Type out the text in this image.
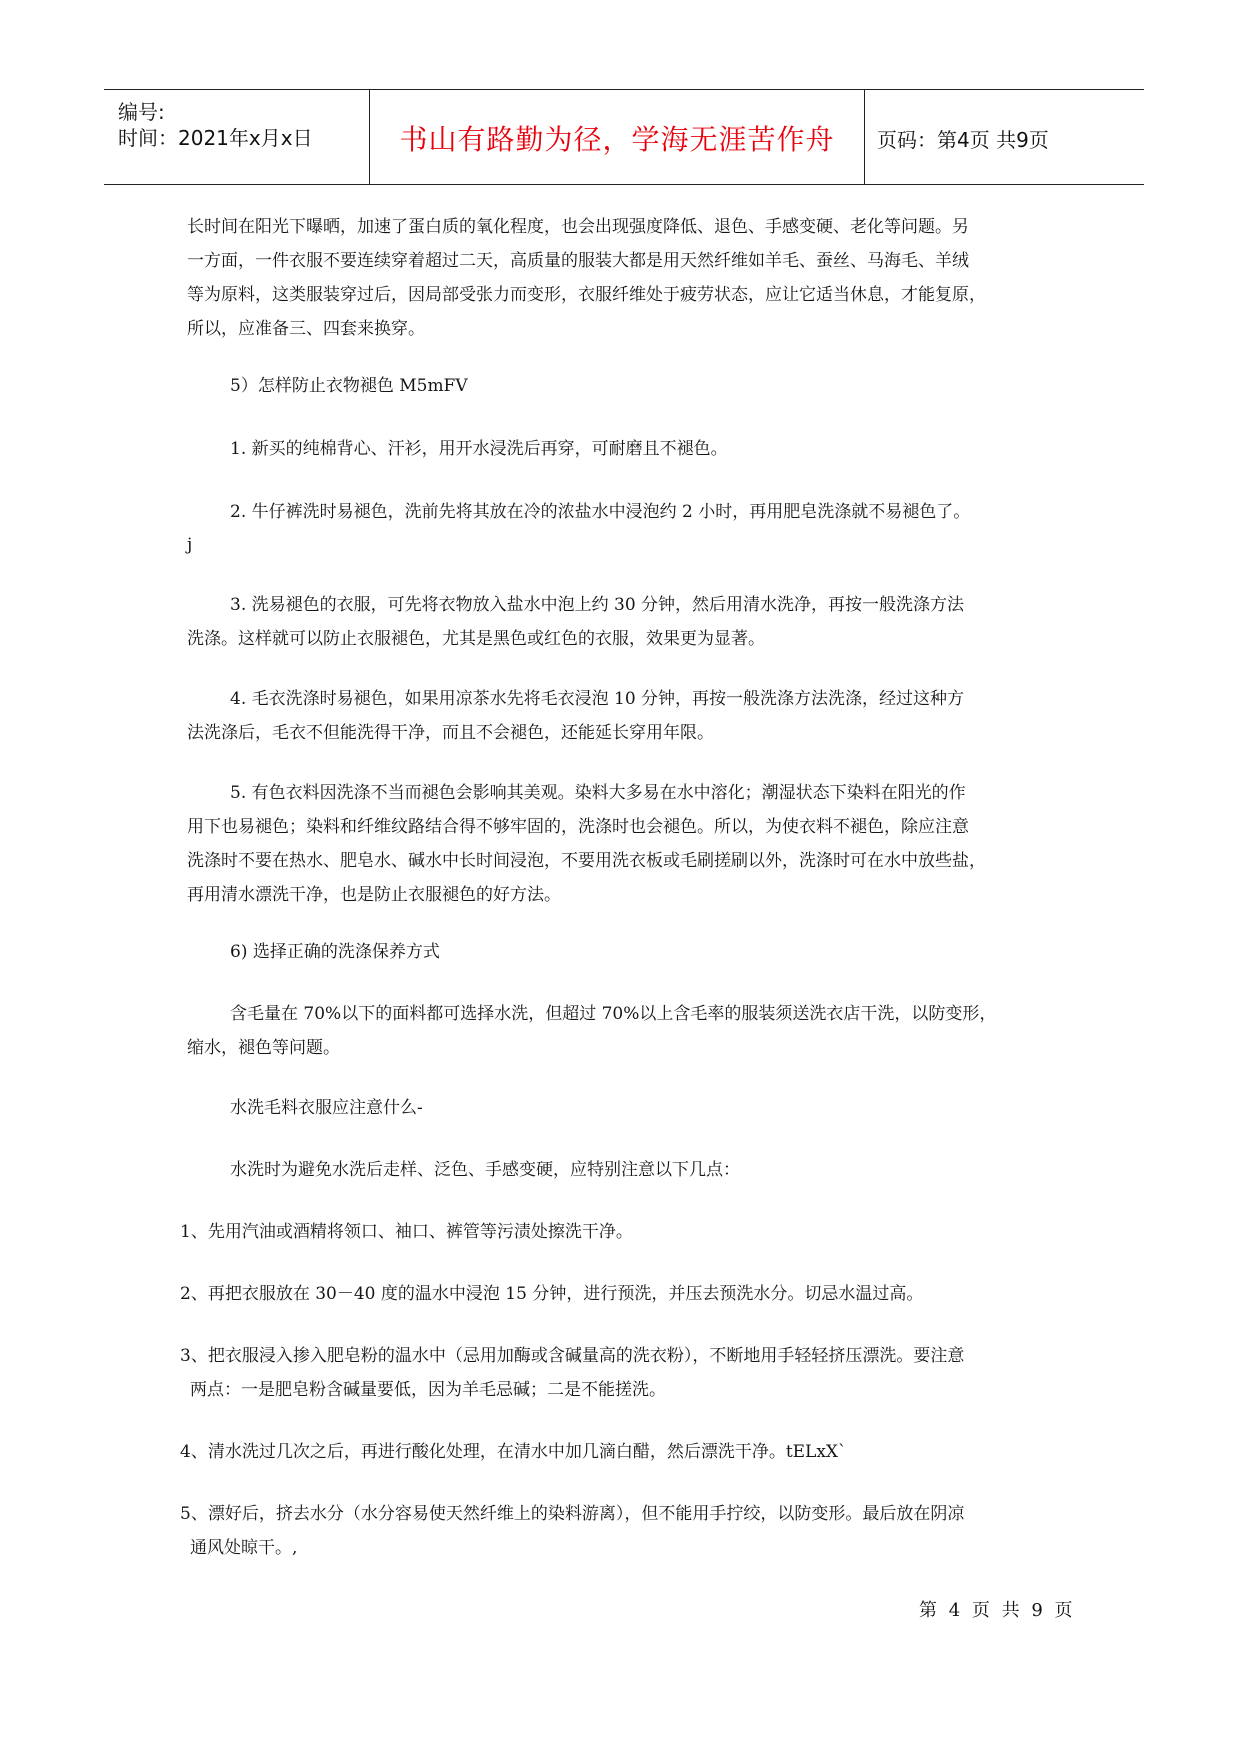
编号:
时间：2021年x月x日	书山有路勤为径，学海无涯苦作舟	页码：第4页 共9页
长时间在阳光下曝晒，加速了蛋白质的氧化程度，也会出现强度降低、退色、手感变硬、老化等问题。另
一方面，一件衣服不要连续穿着超过二天，高质量的服装大都是用天然纤维如羊毛、蚕丝、马海毛、羊绒
等为原料，这类服装穿过后，因局部受张力而变形，衣服纤维处于疲劳状态，应让它适当休息，才能复原，
所以，应准备三、四套来换穿。
5）怎样防止衣物褪色 M5mFV
1. 新买的纯棉背心、汗衫，用开水浸洗后再穿，可耐磨且不褪色。
2. 牛仔裤洗时易褪色，洗前先将其放在冷的浓盐水中浸泡约 2 小时，再用肥皂洗涤就不易褪色了。
j
3. 洗易褪色的衣服，可先将衣物放入盐水中泡上约 30 分钟，然后用清水洗净，再按一般洗涤方法
洗涤。这样就可以防止衣服褪色，尤其是黑色或红色的衣服，效果更为显著。
4. 毛衣洗涤时易褪色，如果用凉茶水先将毛衣浸泡 10 分钟，再按一般洗涤方法洗涤，经过这种方
法洗涤后，毛衣不但能洗得干净，而且不会褪色，还能延长穿用年限。
5. 有色衣料因洗涤不当而褪色会影响其美观。染料大多易在水中溶化；潮湿状态下染料在阳光的作
用下也易褪色；染料和纤维纹路结合得不够牢固的，洗涤时也会褪色。所以，为使衣料不褪色，除应注意
洗涤时不要在热水、肥皂水、碱水中长时间浸泡，不要用洗衣板或毛刷搓刷以外，洗涤时可在水中放些盐，
再用清水漂洗干净，也是防止衣服褪色的好方法。
6) 选择正确的洗涤保养方式
含毛量在 70%以下的面料都可选择水洗，但超过 70%以上含毛率的服装须送洗衣店干洗，以防变形，
缩水，褪色等问题。
水洗毛料衣服应注意什么-
水洗时为避免水洗后走样、泛色、手感变硬，应特别注意以下几点：
1、先用汽油或酒精将领口、袖口、裤管等污渍处擦洗干净。
2、再把衣服放在 30－40 度的温水中浸泡 15 分钟，进行预洗，并压去预洗水分。切忌水温过高。
3、把衣服浸入掺入肥皂粉的温水中（忌用加酶或含碱量高的洗衣粉），不断地用手轻轻挤压漂洗。要注意
两点：一是肥皂粉含碱量要低，因为羊毛忌碱；二是不能搓洗。
4、清水洗过几次之后，再进行酸化处理，在清水中加几滴白醋，然后漂洗干净。tELxX`
5、漂好后，挤去水分（水分容易使天然纤维上的染料游离），但不能用手拧绞，以防变形。最后放在阴凉
通风处晾干。,
第 4 页 共 9 页
